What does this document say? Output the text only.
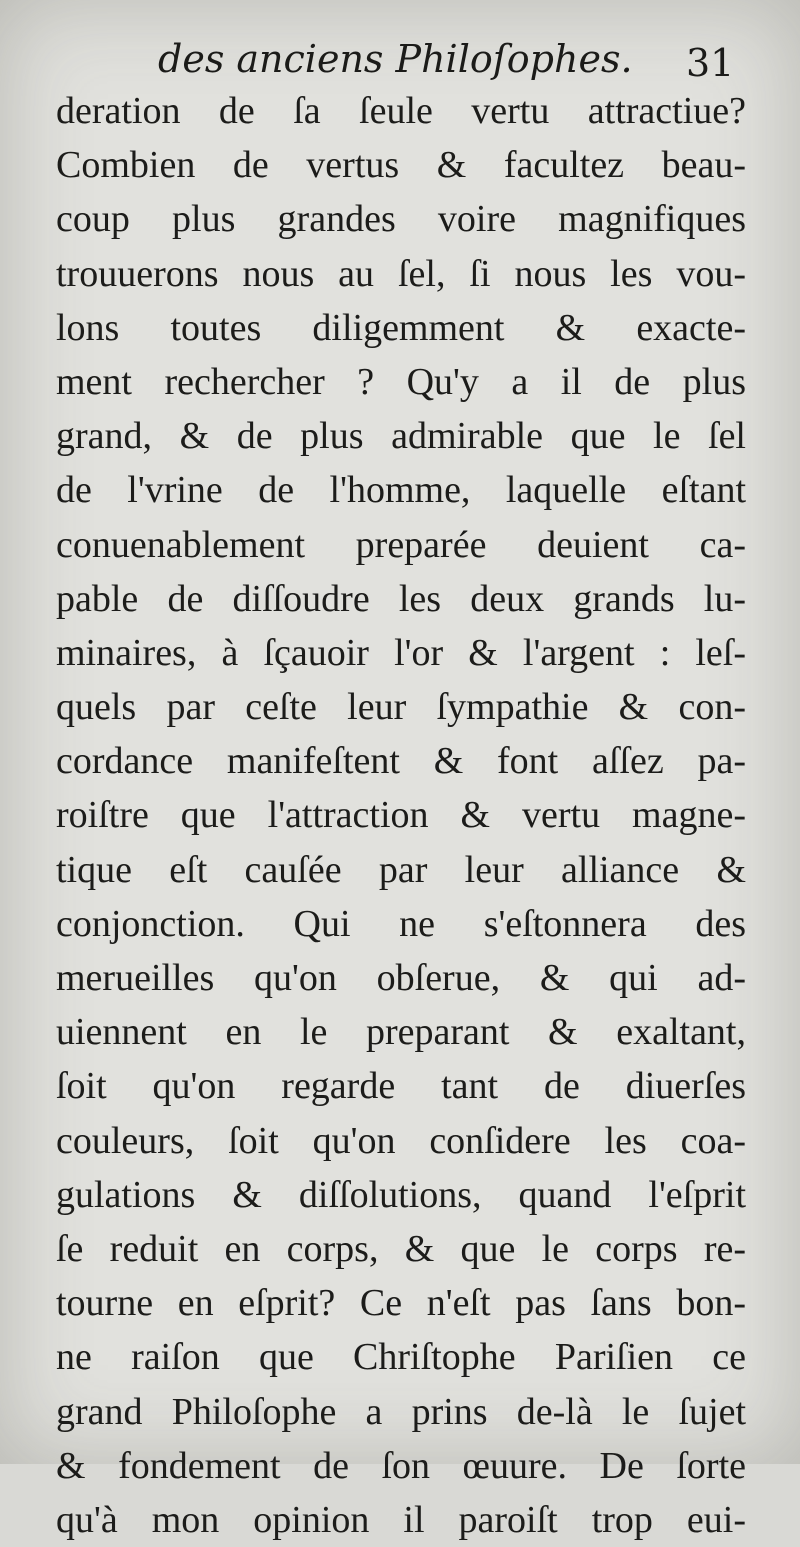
des anciens Philoſophes. 31
deration de ſa ſeule vertu attractiue?
Combien de vertus & facultez beau-
coup plus grandes voire magnifiques
trouuerons nous au ſel, ſi nous les vou-
lons toutes diligemment & exacte-
ment rechercher ? Qu'y a il de plus
grand, & de plus admirable que le ſel
de l'vrine de l'homme, laquelle eſtant
conuenablement preparée deuient ca-
pable de diſſoudre les deux grands lu-
minaires, à ſçauoir l'or & l'argent : leſ-
quels par ceſte leur ſympathie & con-
cordance manifeſtent & font aſſez pa-
roiſtre que l'attraction & vertu magne-
tique eſt cauſée par leur alliance &
conjonction. Qui ne s'eſtonnera des
merueilles qu'on obſerue, & qui ad-
uiennent en le preparant & exaltant,
ſoit qu'on regarde tant de diuerſes
couleurs, ſoit qu'on conſidere les coa-
gulations & diſſolutions, quand l'eſprit
ſe reduit en corps, & que le corps re-
tourne en eſprit? Ce n'eſt pas ſans bon-
ne raiſon que Chriſtophe Pariſien ce
grand Philoſophe a prins de-là le ſujet
& fondement de ſon œuure. De ſorte
qu'à mon opinion il paroiſt trop eui-
